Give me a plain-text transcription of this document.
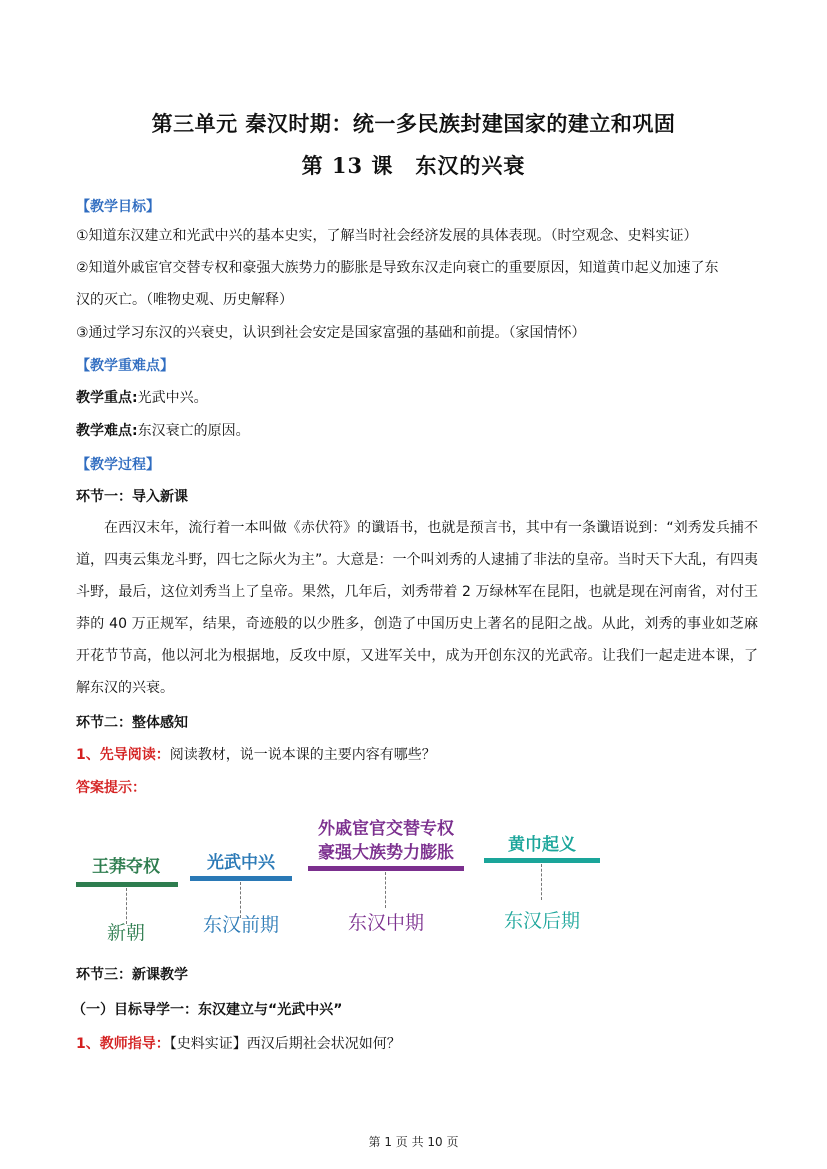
第三单元 秦汉时期：统一多民族封建国家的建立和巩固
第 13 课　东汉的兴衰
【教学目标】
①知道东汉建立和光武中兴的基本史实，了解当时社会经济发展的具体表现。（时空观念、史料实证）
②知道外戚宦官交替专权和豪强大族势力的膨胀是导致东汉走向衰亡的重要原因，知道黄巾起义加速了东
汉的灭亡。（唯物史观、历史解释）
③通过学习东汉的兴衰史，认识到社会安定是国家富强的基础和前提。（家国情怀）
【教学重难点】
教学重点:光武中兴。
教学难点:东汉衰亡的原因。
【教学过程】
环节一：导入新课
在西汉末年，流行着一本叫做《赤伏符》的谶语书，也就是预言书，其中有一条谶语说到：“刘秀发兵捕不道，四夷云集龙斗野，四七之际火为主”。大意是：一个叫刘秀的人逮捕了非法的皇帝。当时天下大乱，有四夷斗野，最后，这位刘秀当上了皇帝。果然，几年后，刘秀带着 2 万绿林军在昆阳，也就是现在河南省，对付王莽的 40 万正规军，结果，奇迹般的以少胜多，创造了中国历史上著名的昆阳之战。从此，刘秀的事业如芝麻开花节节高，他以河北为根据地，反攻中原，又进军关中，成为开创东汉的光武帝。让我们一起走进本课，了解东汉的兴衰。
环节二：整体感知
1、先导阅读：阅读教材，说一说本课的主要内容有哪些？
答案提示：
王莽夺权
新朝
光武中兴
东汉前期
外戚宦官交替专权
豪强大族势力膨胀
东汉中期
黄巾起义
东汉后期
环节三：新课教学
（一）目标导学一：东汉建立与“光武中兴”
1、教师指导：【史料实证】西汉后期社会状况如何？
第 1 页 共 10 页
